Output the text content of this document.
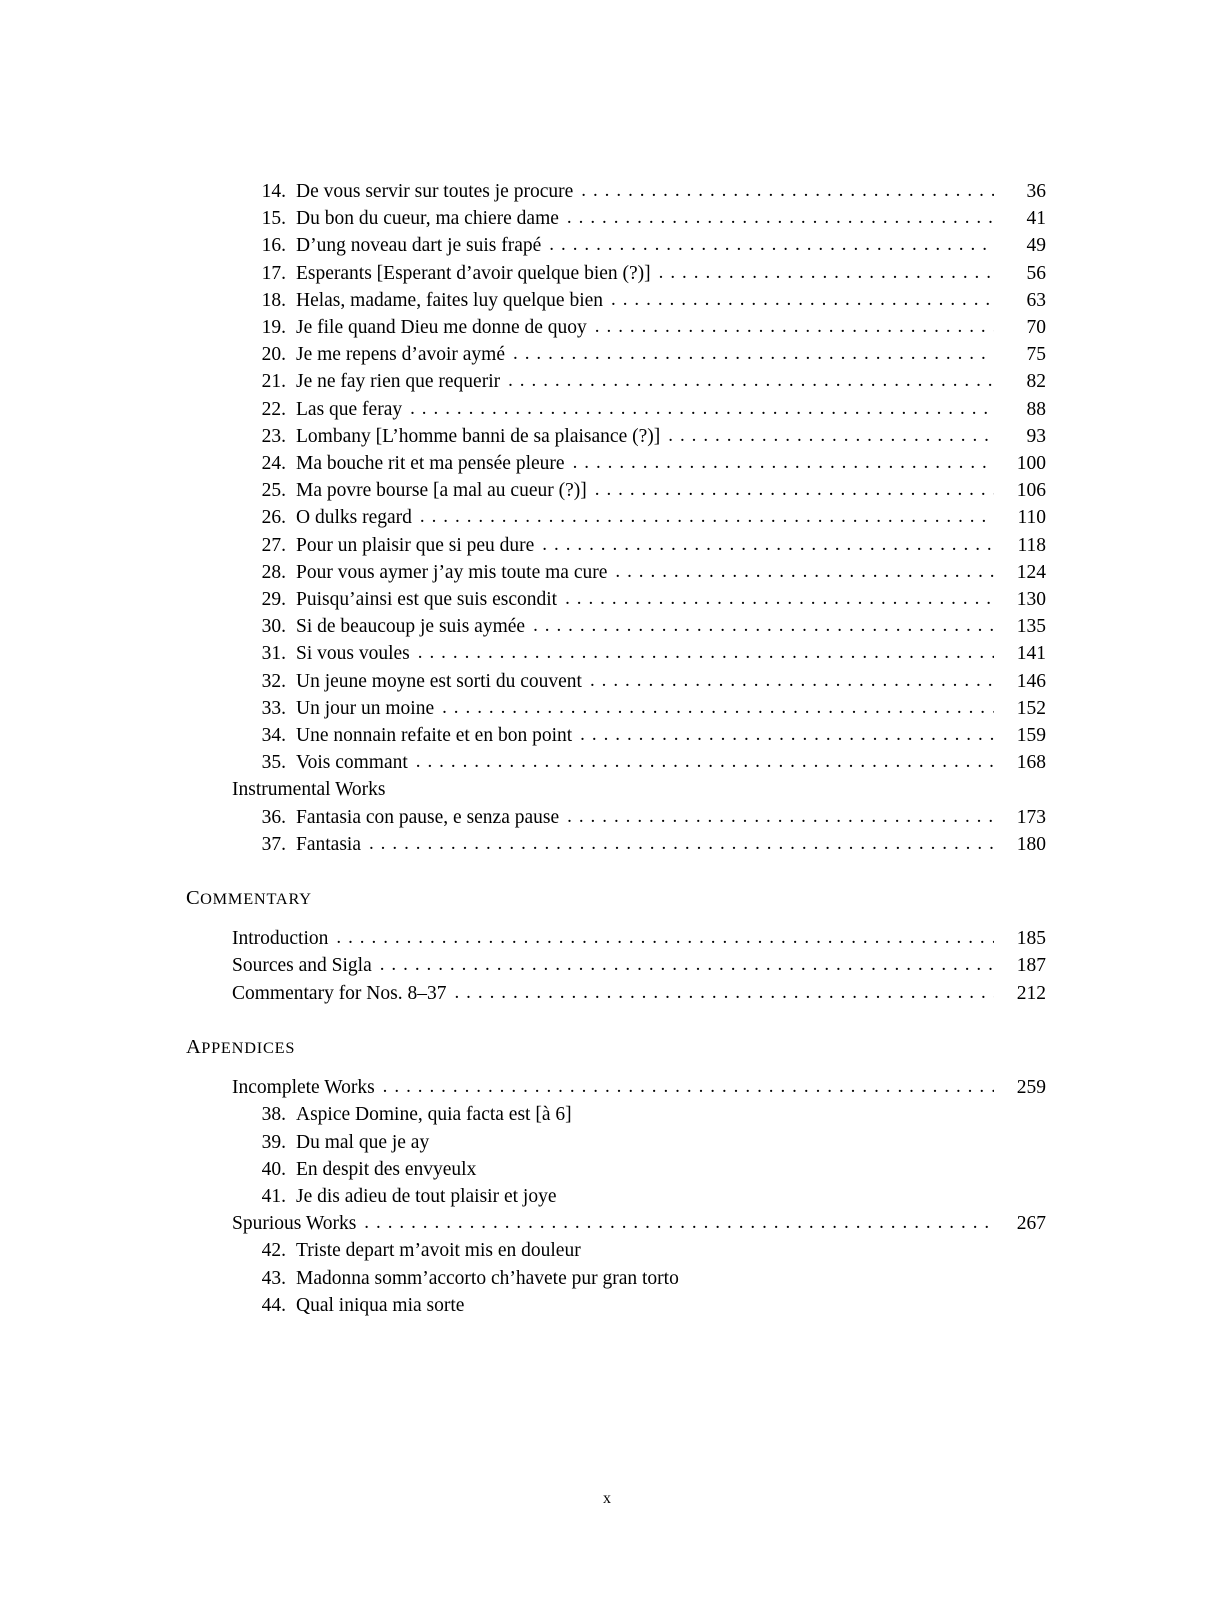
14 . De vous servir sur toutes je procure . . .	36
15 . Du bon du cueur, ma chiere dame . . .	41
16 . D’ung noveau dart je suis frapé . . .	49
17 . Esperants [Esperant d’avoir quelque bien (?)] . . .	56
18 . Helas, madame, faites luy quelque bien . . .	63
19 . Je file quand Dieu me donne de quoy . . .	70
20 . Je me repens d’avoir aymé . . .	75
21 . Je ne fay rien que requerir . . .	82
22 . Las que feray . . .	88
23 . Lombany [L’homme banni de sa plaisance (?)] . . .	93
24 . Ma bouche rit et ma pensée pleure . . .	100
25 . Ma povre bourse [a mal au cueur (?)] . . .	106
26 . O dulks regard . . .	110
27 . Pour un plaisir que si peu dure . . .	118
28 . Pour vous aymer j’ay mis toute ma cure . . .	124
29 . Puisqu’ainsi est que suis escondit . . .	130
30 . Si de beaucoup je suis aymée . . .	135
31 . Si vous voules . . .	141
32 . Un jeune moyne est sorti du couvent . . .	146
33 . Un jour un moine . . .	152
34 . Une nonnain refaite et en bon point . . .	159
35 . Vois commant . . .	168
Instrumental Works
36 . Fantasia con pause, e senza pause . . .	173
37 . Fantasia . . .	180
COMMENTARY
Introduction . . .	185
Sources and Sigla . . .	187
Commentary for Nos. 8–37 . . .	212
APPENDICES
Incomplete Works . . .	259
38 . Aspice Domine, quia facta est [à 6]
39 . Du mal que je ay
40 . En despit des envyeulx
41 . Je dis adieu de tout plaisir et joye
Spurious Works . . .	267
42 . Triste depart m’avoit mis en douleur
43 . Madonna somm’accorto ch’havete pur gran torto
44 . Qual iniqua mia sorte
x
